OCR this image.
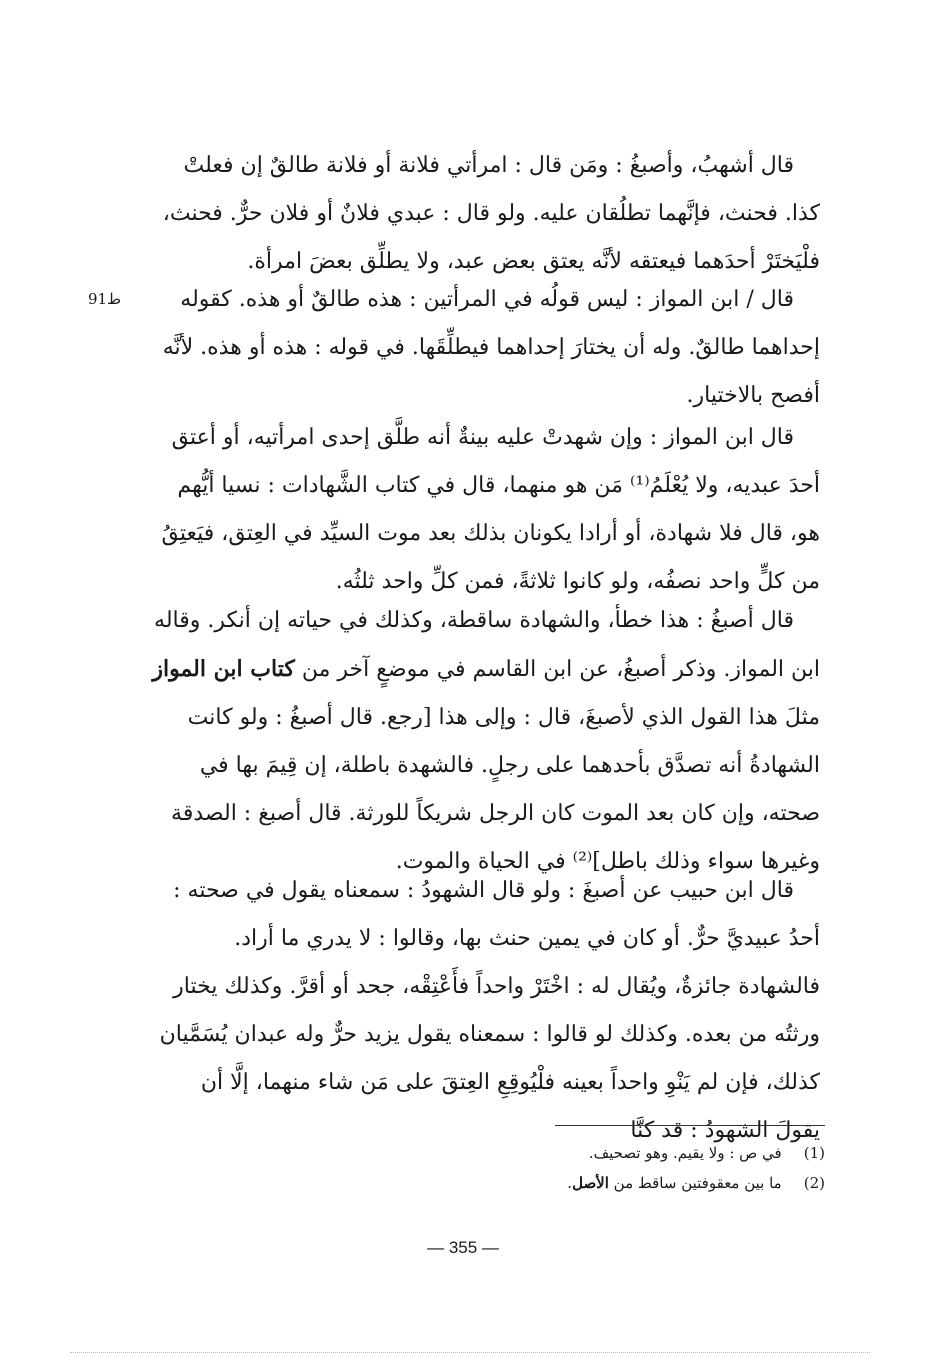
ط91

قال أشهبُ، وأصبغُ : ومَن قال : امرأتي فلانة أو فلانة طالقٌ إن فعلتْ كذا. فحنث، فإنَّهما تطلُقان عليه. ولو قال : عبدي فلانٌ أو فلان حرٌّ. فحنث، فلْيَختَرْ أحدَهما فيعتقه لأنَّه يعتق بعض عبد، ولا يطلِّق بعضَ امرأة.

قال / ابن المواز : ليس قولُه في المرأتين : هذه طالقٌ أو هذه. كقوله إحداهما طالقٌ. وله أن يختارَ إحداهما فيطلِّقَها. في قوله : هذه أو هذه. لأنَّه أفصح بالاختيار.

قال ابن المواز : وإن شهدتْ عليه بينةٌ أنه طلَّق إحدى امرأتيه، أو أعتق أحدَ عبديه، ولا يُعْلَمُ⁽¹⁾ مَن هو منهما، قال في كتاب الشَّهادات : نسيا أيُّهم هو، قال فلا شهادة، أو أرادا يكونان بذلك بعد موت السيِّد في العِتق، فيَعتِقُ من كلٍّ واحد نصفُه، ولو كانوا ثلاثةً، فمن كلِّ واحد ثلثُه.

قال أصبغُ : هذا خطأ، والشهادة ساقطة، وكذلك في حياته إن أنكر. وقاله ابن المواز. وذكر أصبغُ، عن ابن القاسم في موضعٍ آخر من كتاب ابن المواز مثلَ هذا القول الذي لأصبغَ، قال : وإلى هذا [رجع. قال أصبغُ : ولو كانت الشهادةُ أنه تصدَّق بأحدهما على رجلٍ. فالشهدة باطلة، إن قِيمَ بها في صحته، وإن كان بعد الموت كان الرجل شريكاً للورثة. قال أصبغ : الصدقة وغيرها سواء وذلك باطل]⁽²⁾ في الحياة والموت.

قال ابن حبيب عن أصبغَ : ولو قال الشهودُ : سمعناه يقول في صحته : أحدُ عبيديَّ حرٌّ. أو كان في يمين حنث بها، وقالوا : لا يدري ما أراد. فالشهادة جائزةٌ، ويُقال له : اخْتَرْ واحداً فأَعْتِقْه، جحد أو أقرَّ. وكذلك يختار ورثتُه من بعده. وكذلك لو قالوا : سمعناه يقول يزيد حرٌّ وله عبدان يُسَمَّيان كذلك، فإن لم يَنْوِ واحداً بعينه فلْيُوقِعِ العِتقَ على مَن شاء منهما، إلَّا أن يقولَ الشهودُ : قد كنَّا

(1)
في ص : ولا يقيم. وهو تصحيف.
(2)
ما بين معقوفتين ساقط من الأصل.
— 355 —
